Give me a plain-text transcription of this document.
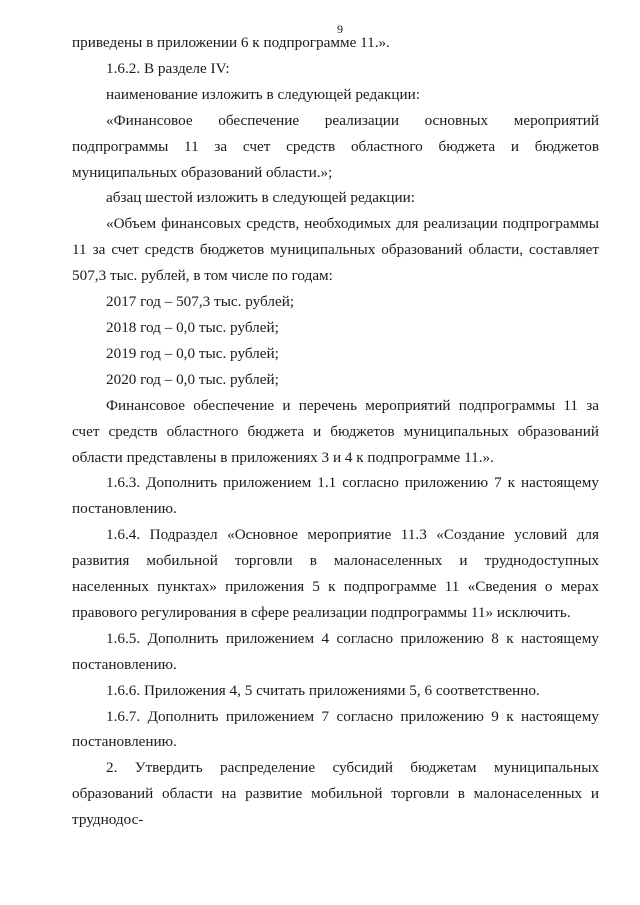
9

приведены в приложении 6 к подпрограмме 11.».

1.6.2. В разделе IV:

наименование изложить в следующей редакции:

«Финансовое обеспечение реализации основных мероприятий подпрограммы 11 за счет средств областного бюджета и бюджетов муниципальных образований области.»;

абзац шестой изложить в следующей редакции:

«Объем финансовых средств, необходимых для реализации подпрограммы 11 за счет средств бюджетов муниципальных образований области, составляет 507,3 тыс. рублей, в том числе по годам:

2017 год – 507,3 тыс. рублей;

2018 год – 0,0 тыс. рублей;

2019 год – 0,0 тыс. рублей;

2020 год – 0,0 тыс. рублей;

Финансовое обеспечение и перечень мероприятий подпрограммы 11 за счет средств областного бюджета и бюджетов муниципальных образований области представлены в приложениях 3 и 4 к подпрограмме 11.».

1.6.3. Дополнить приложением 1.1 согласно приложению 7 к настоящему постановлению.

1.6.4. Подраздел «Основное мероприятие 11.3 «Создание условий для развития мобильной торговли в малонаселенных и труднодоступных населенных пунктах» приложения 5 к подпрограмме 11 «Сведения о мерах правового регулирования в сфере реализации подпрограммы 11» исключить.

1.6.5. Дополнить приложением 4 согласно приложению 8 к настоящему постановлению.

1.6.6. Приложения 4, 5 считать приложениями 5, 6 соответственно.

1.6.7. Дополнить приложением 7 согласно приложению 9 к настоящему постановлению.

2. Утвердить распределение субсидий бюджетам муниципальных образований области на развитие мобильной торговли в малонаселенных и труднодос-
